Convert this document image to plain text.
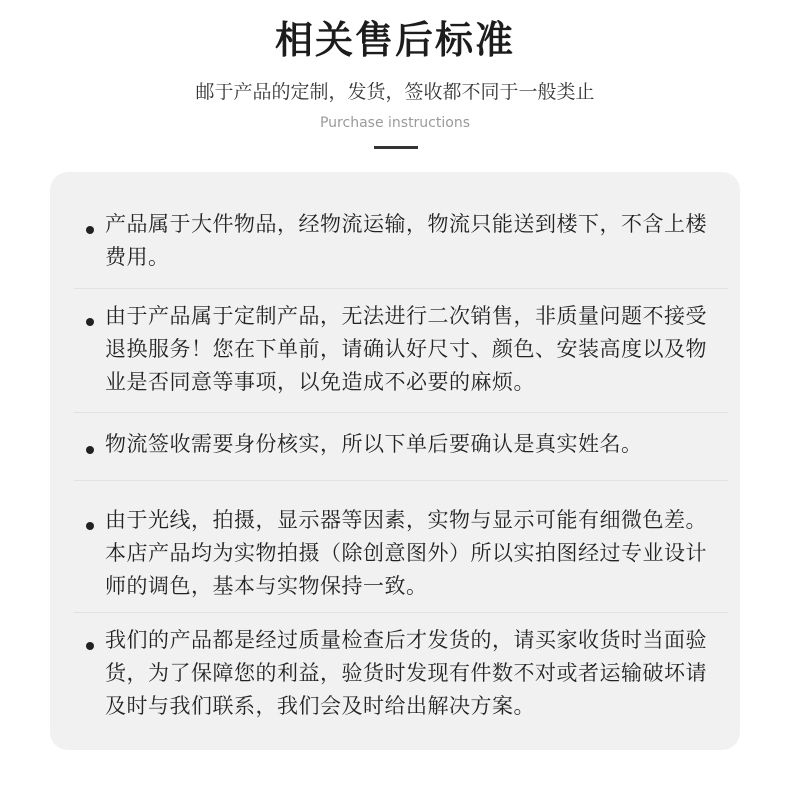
相关售后标准
邮于产品的定制，发货，签收都不同于一般类止
Purchase instructions
产品属于大件物品，经物流运输，物流只能送到楼下，不含上楼费用。
由于产品属于定制产品，无法进行二次销售，非质量问题不接受退换服务！您在下单前，请确认好尺寸、颜色、安装高度以及物业是否同意等事项，以免造成不必要的麻烦。
物流签收需要身份核实，所以下单后要确认是真实姓名。
由于光线，拍摄，显示器等因素，实物与显示可能有细微色差。本店产品均为实物拍摄（除创意图外）所以实拍图经过专业设计师的调色，基本与实物保持一致。
我们的产品都是经过质量检查后才发货的，请买家收货时当面验货，为了保障您的利益，验货时发现有件数不对或者运输破坏请及时与我们联系，我们会及时给出解决方案。
